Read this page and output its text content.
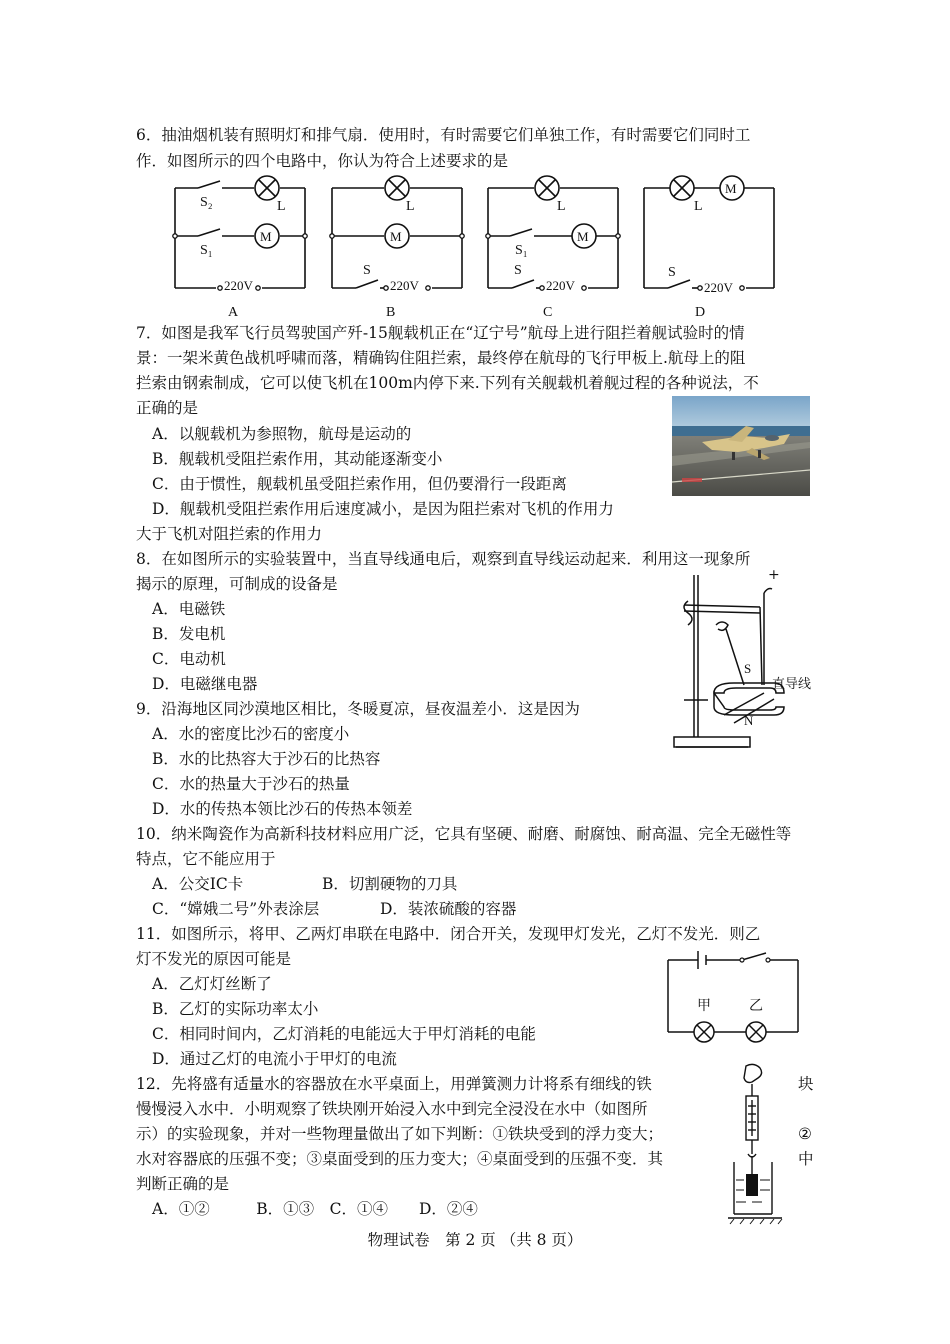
6．抽油烟机装有照明灯和排气扇．使用时，有时需要它们单独工作，有时需要它们同时工
作．如图所示的四个电路中，你认为符合上述要求的是
S₂	L
S₁
M
220V
A
L
M
S
220V
B
L
S₁
M
S
220V
C
L
M
S
220V
D
7．如图是我军飞行员驾驶国产歼-15舰载机正在“辽宁号”航母上进行阻拦着舰试验时的情
景：一架米黄色战机呼啸而落，精确钩住阻拦索，最终停在航母的飞行甲板上.航母上的阻
拦索由钢索制成，它可以使飞机在100m内停下来.下列有关舰载机着舰过程的各种说法，不
正确的是
A．以舰载机为参照物，航母是运动的
B．舰载机受阻拦索作用，其动能逐渐变小
C．由于惯性，舰载机虽受阻拦索作用，但仍要滑行一段距离
D．舰载机受阻拦索作用后速度减小，是因为阻拦索对飞机的作用力
大于飞机对阻拦索的作用力
8．在如图所示的实验装置中，当直导线通电后，观察到直导线运动起来．利用这一现象所
揭示的原理，可制成的设备是
A．电磁铁
B．发电机
C．电动机
D．电磁继电器
+
S
N
直导线
9．沿海地区同沙漠地区相比，冬暖夏凉，昼夜温差小．这是因为
A．水的密度比沙石的密度小
B．水的比热容大于沙石的比热容
C．水的热量大于沙石的热量
D．水的传热本领比沙石的传热本领差
10．纳米陶瓷作为高新科技材料应用广泛，它具有坚硬、耐磨、耐腐蚀、耐高温、完全无磁性等
特点，它不能应用于
A．公交IC卡	B．切割硬物的刀具
C．“嫦娥二号”外表涂层	D．装浓硫酸的容器
11．如图所示，将甲、乙两灯串联在电路中．闭合开关，发现甲灯发光，乙灯不发光．则乙
灯不发光的原因可能是
A．乙灯灯丝断了
B．乙灯的实际功率太小
C．相同时间内，乙灯消耗的电能远大于甲灯消耗的电能
D．通过乙灯的电流小于甲灯的电流
甲	乙
12．先将盛有适量水的容器放在水平桌面上，用弹簧测力计将系有细线的铁
慢慢浸入水中．小明观察了铁块刚开始浸入水中到完全浸没在水中（如图所
示）的实验现象，并对一些物理量做出了如下判断：①铁块受到的浮力变大；
水对容器底的压强不变；③桌面受到的压力变大；④桌面受到的压强不变．其
判断正确的是
块
②
中
A．①②　　　B．①③　C．①④　　D．②④
物理试卷　第 2 页 （共 8 页）
